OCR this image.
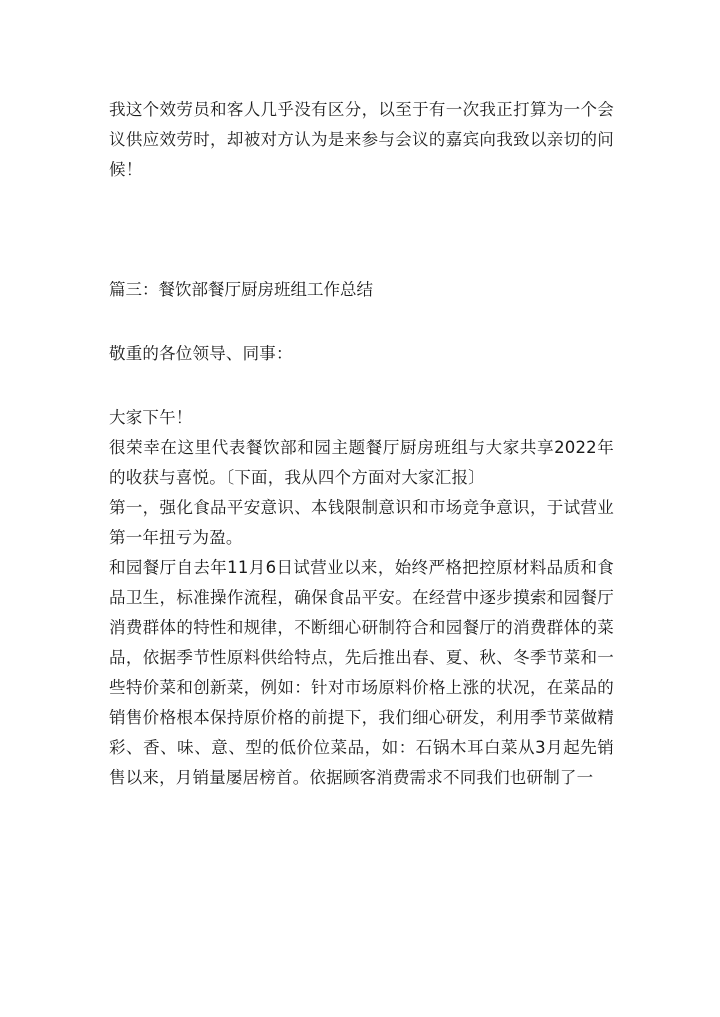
我这个效劳员和客人几乎没有区分，以至于有一次我正打算为一个会议供应效劳时，却被对方认为是来参与会议的嘉宾向我致以亲切的问候！

篇三：餐饮部餐厅厨房班组工作总结

敬重的各位领导、同事：

大家下午！

很荣幸在这里代表餐饮部和园主题餐厅厨房班组与大家共享2022年的收获与喜悦。〔下面，我从四个方面对大家汇报〕

第一，强化食品平安意识、本钱限制意识和市场竞争意识，于试营业第一年扭亏为盈。

和园餐厅自去年11月6日试营业以来，始终严格把控原材料品质和食品卫生，标准操作流程，确保食品平安。在经营中逐步摸索和园餐厅消费群体的特性和规律，不断细心研制符合和园餐厅的消费群体的菜品，依据季节性原料供给特点，先后推出春、夏、秋、冬季节菜和一些特价菜和创新菜，例如：针对市场原料价格上涨的状况，在菜品的销售价格根本保持原价格的前提下，我们细心研发，利用季节菜做精彩、香、味、意、型的低价位菜品，如：石锅木耳白菜从3月起先销售以来，月销量屡居榜首。依据顾客消费需求不同我们也研制了一
